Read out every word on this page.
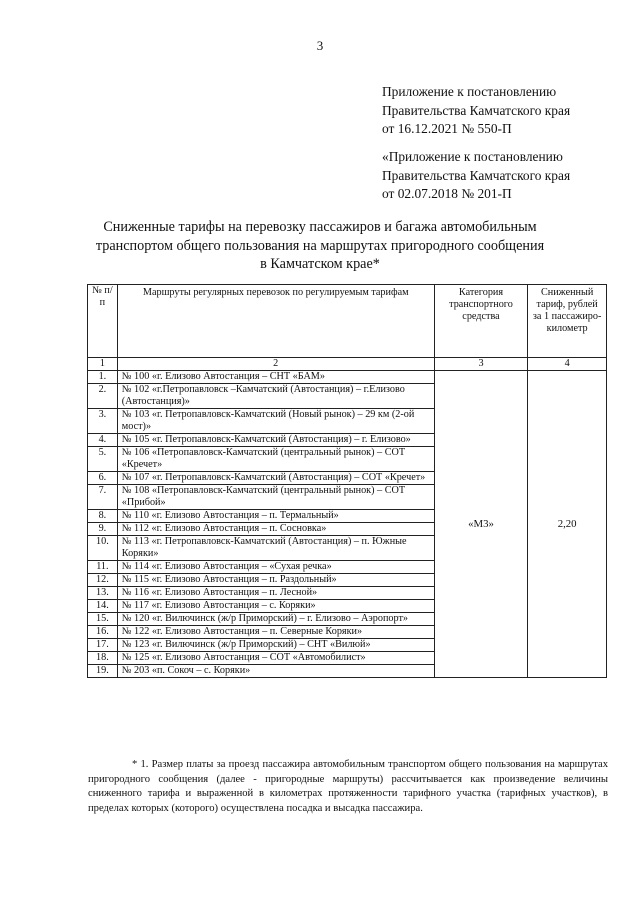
3
Приложение к постановлению
Правительства Камчатского края
от 16.12.2021 № 550-П
«Приложение к постановлению
Правительства Камчатского края
от 02.07.2018 № 201-П
Сниженные тарифы на перевозку пассажиров и багажа автомобильным
транспортом общего пользования на маршрутах пригородного сообщения
в Камчатском крае*
№ п/п	Маршруты регулярных перевозок по регулируемым тарифам	Категория транспортного средства	Сниженный тариф, рублей за 1 пассажиро-километр
1	2	3	4
1.	№ 100 «г. Елизово Автостанция – СНТ «БАМ»	«М3»	2,20
2.	№ 102 «г.Петропавловск –Камчатский (Автостанция) – г.Елизово (Автостанция)»		
3.	№ 103 «г. Петропавловск-Камчатский (Новый рынок) – 29 км (2-ой мост)»		
4.	№ 105 «г. Петропавловск-Камчатский (Автостанция) – г. Елизово»		
5.	№ 106 «Петропавловск-Камчатский (центральный рынок) – СОТ «Кречет»		
6.	№ 107 «г. Петропавловск-Камчатский (Автостанция) – СОТ «Кречет»		
7.	№ 108 «Петропавловск-Камчатский (центральный рынок) – СОТ «Прибой»		
8.	№ 110 «г. Елизово Автостанция – п. Термальный»		
9.	№ 112 «г. Елизово Автостанция – п. Сосновка»		
10.	№ 113 «г. Петропавловск-Камчатский (Автостанция) – п. Южные Коряки»		
11.	№ 114 «г. Елизово Автостанция – «Сухая речка»		
12.	№ 115 «г. Елизово Автостанция – п. Раздольный»		
13.	№ 116 «г. Елизово Автостанция – п. Лесной»		
14.	№ 117 «г. Елизово Автостанция – с. Коряки»		
15.	№ 120 «г. Вилючинск (ж/р Приморский) – г. Елизово – Аэропорт»		
16.	№ 122 «г. Елизово Автостанция – п. Северные Коряки»		
17.	№ 123 «г. Вилючинск (ж/р Приморский) – СНТ «Вилюй»		
18.	№ 125 «г. Елизово Автостанция – СОТ «Автомобилист»		
19.	№ 203 «п. Сокоч – с. Коряки»		
* 1. Размер платы за проезд пассажира автомобильным транспортом общего пользования на маршрутах пригородного сообщения (далее - пригородные маршруты) рассчитывается как произведение величины сниженного тарифа и выраженной в километрах протяженности тарифного участка (тарифных участков), в пределах которых (которого) осуществлена посадка и высадка пассажира.
